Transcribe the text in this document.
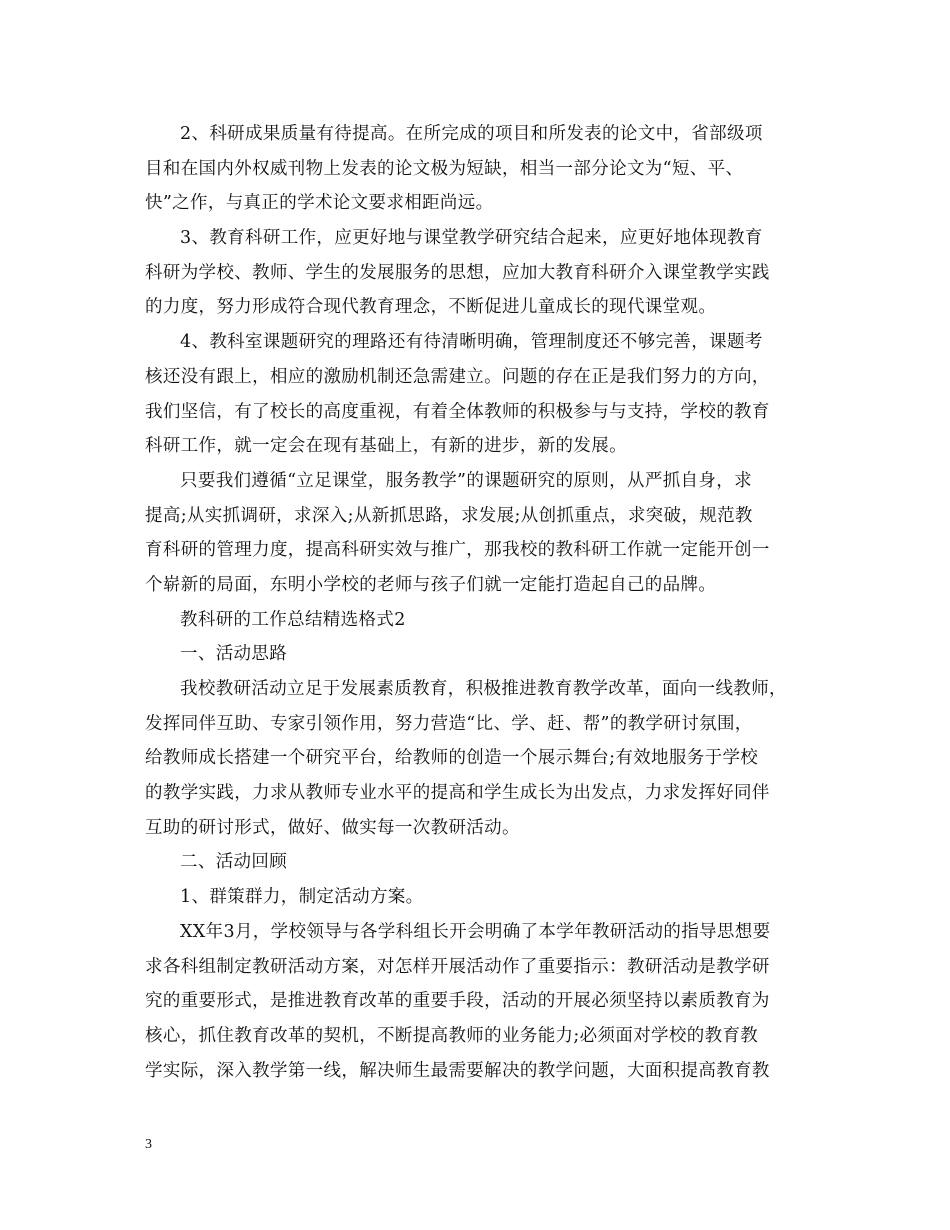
2、科研成果质量有待提高。在所完成的项目和所发表的论文中，省部级项
目和在国内外权威刊物上发表的论文极为短缺，相当一部分论文为“短、平、
快”之作，与真正的学术论文要求相距尚远。
3、教育科研工作，应更好地与课堂教学研究结合起来，应更好地体现教育
科研为学校、教师、学生的发展服务的思想，应加大教育科研介入课堂教学实践
的力度，努力形成符合现代教育理念，不断促进儿童成长的现代课堂观。
4、教科室课题研究的理路还有待清晰明确，管理制度还不够完善，课题考
核还没有跟上，相应的激励机制还急需建立。问题的存在正是我们努力的方向，
我们坚信，有了校长的高度重视，有着全体教师的积极参与与支持，学校的教育
科研工作，就一定会在现有基础上，有新的进步，新的发展。
只要我们遵循“立足课堂，服务教学”的课题研究的原则，从严抓自身，求
提高;从实抓调研，求深入;从新抓思路，求发展;从创抓重点，求突破，规范教
育科研的管理力度，提高科研实效与推广，那我校的教科研工作就一定能开创一
个崭新的局面，东明小学校的老师与孩子们就一定能打造起自己的品牌。
教科研的工作总结精选格式2
一、活动思路
我校教研活动立足于发展素质教育，积极推进教育教学改革，面向一线教师，
发挥同伴互助、专家引领作用，努力营造“比、学、赶、帮”的教学研讨氛围，
给教师成长搭建一个研究平台，给教师的创造一个展示舞台;有效地服务于学校
的教学实践，力求从教师专业水平的提高和学生成长为出发点，力求发挥好同伴
互助的研讨形式，做好、做实每一次教研活动。
二、活动回顾
1、群策群力，制定活动方案。
XX年3月，学校领导与各学科组长开会明确了本学年教研活动的指导思想要
求各科组制定教研活动方案，对怎样开展活动作了重要指示：教研活动是教学研
究的重要形式，是推进教育改革的重要手段，活动的开展必须坚持以素质教育为
核心，抓住教育改革的契机，不断提高教师的业务能力;必须面对学校的教育教
学实际，深入教学第一线，解决师生最需要解决的教学问题，大面积提高教育教
3
